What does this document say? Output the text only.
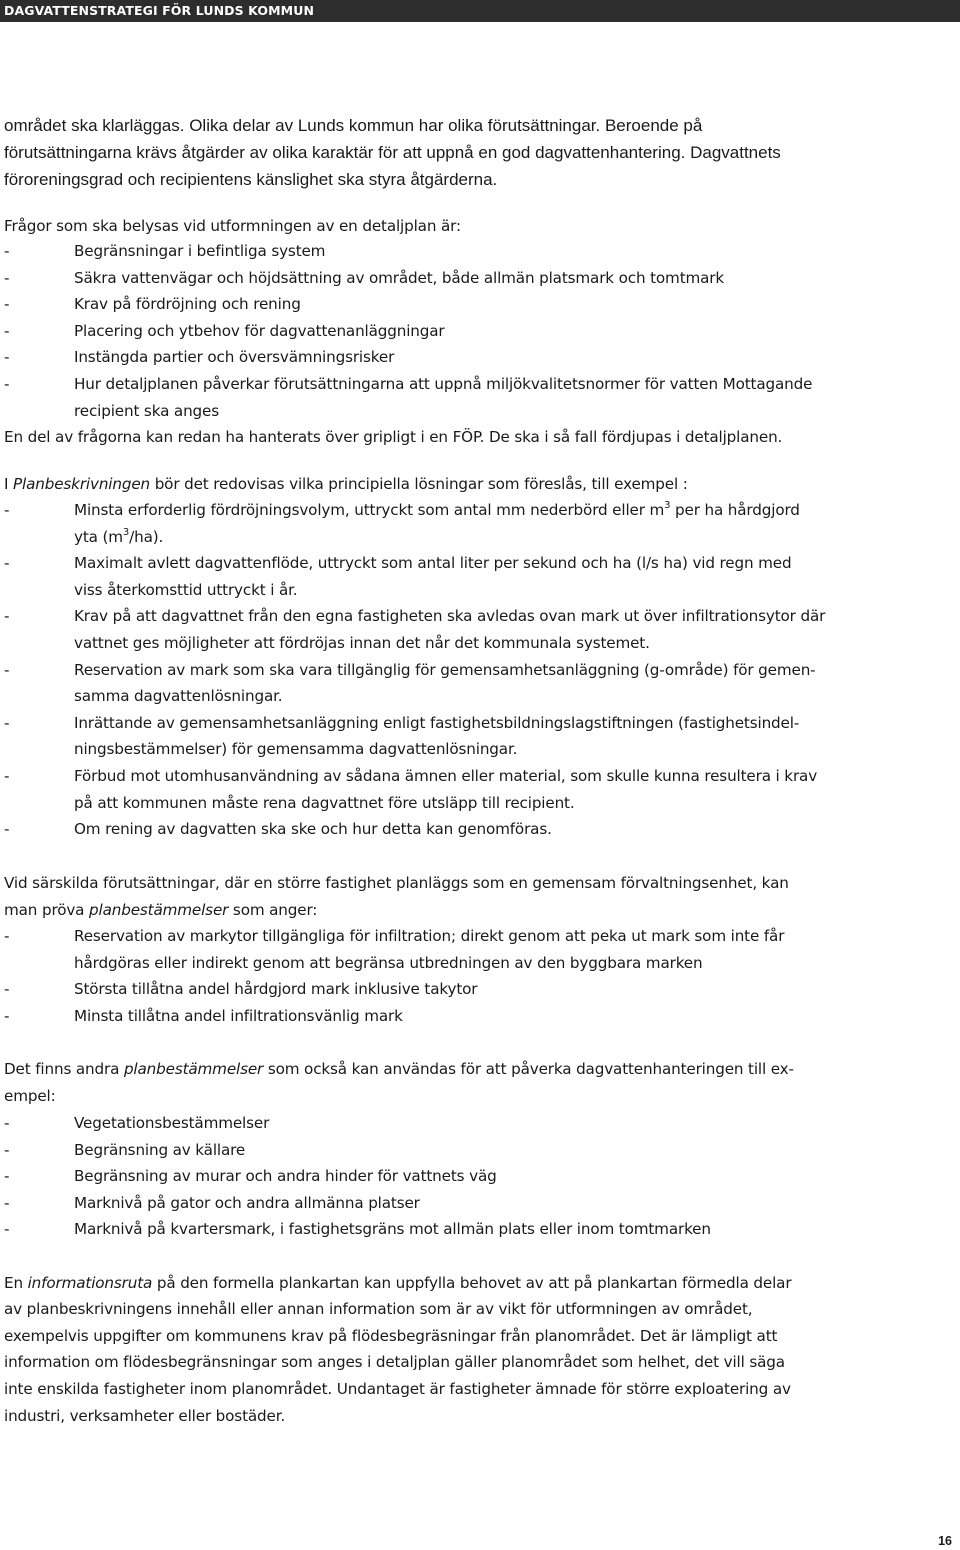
DAGVATTENSTRATEGI FÖR LUNDS KOMMUN
området ska klarläggas. Olika delar av Lunds kommun har olika förutsättningar. Beroende på
förutsättningarna krävs åtgärder av olika karaktär för att uppnå en god dagvattenhantering. Dagvattnets
föroreningsgrad och recipientens känslighet ska styra åtgärderna.
Frågor som ska belysas vid utformningen av en detaljplan är:
-	Begränsningar i befintliga system
-	Säkra vattenvägar och höjdsättning av området, både allmän platsmark och tomtmark
-	Krav på fördröjning och rening
-	Placering och ytbehov för dagvattenanläggningar
-	Instängda partier och översvämningsrisker
-	Hur detaljplanen påverkar förutsättningarna att uppnå miljökvalitetsnormer för vatten Mottagande
recipient ska anges
En del av frågorna kan redan ha hanterats över gripligt i en FÖP. De ska i så fall fördjupas i detaljplanen.
I Planbeskrivningen bör det redovisas vilka principiella lösningar som föreslås, till exempel :
-	Minsta erforderlig fördröjningsvolym, uttryckt som antal mm nederbörd eller $m^3$ per ha hårdgjord
yta $(m^3/ha)$.
-	Maximalt avlett dagvattenflöde, uttryckt som antal liter per sekund och ha (l/s ha) vid regn med
viss återkomsttid uttryckt i år.
-	Krav på att dagvattnet från den egna fastigheten ska avledas ovan mark ut över infiltrationsytor där
vattnet ges möjligheter att fördröjas innan det når det kommunala systemet.
-	Reservation av mark som ska vara tillgänglig för gemensamhetsanläggning (g-område) för gemen-
samma dagvattenlösningar.
-	Inrättande av gemensamhetsanläggning enligt fastighetsbildningslagstiftningen (fastighetsindel-
ningsbestämmelser) för gemensamma dagvattenlösningar.
-	Förbud mot utomhusanvändning av sådana ämnen eller material, som skulle kunna resultera i krav
på att kommunen måste rena dagvattnet före utsläpp till recipient.
-	Om rening av dagvatten ska ske och hur detta kan genomföras.
Vid särskilda förutsättningar, där en större fastighet planläggs som en gemensam förvaltningsenhet, kan
man pröva planbestämmelser som anger:
-	Reservation av markytor tillgängliga för infiltration; direkt genom att peka ut mark som inte får
hårdgöras eller indirekt genom att begränsa utbredningen av den byggbara marken
-	Största tillåtna andel hårdgjord mark inklusive takytor
-	Minsta tillåtna andel infiltrationsvänlig mark
Det finns andra planbestämmelser som också kan användas för att påverka dagvattenhanteringen till ex-
empel:
-	Vegetationsbestämmelser
-	Begränsning av källare
-	Begränsning av murar och andra hinder för vattnets väg
-	Marknivå på gator och andra allmänna platser
-	Marknivå på kvartersmark, i fastighetsgräns mot allmän plats eller inom tomtmarken
En informationsruta på den formella plankartan kan uppfylla behovet av att på plankartan förmedla delar
av planbeskrivningens innehåll eller annan information som är av vikt för utformningen av området,
exempelvis uppgifter om kommunens krav på flödesbegräsningar från planområdet. Det är lämpligt att
information om flödesbegränsningar som anges i detaljplan gäller planområdet som helhet, det vill säga
inte enskilda fastigheter inom planområdet. Undantaget är fastigheter ämnade för större exploatering av
industri, verksamheter eller bostäder.
16
